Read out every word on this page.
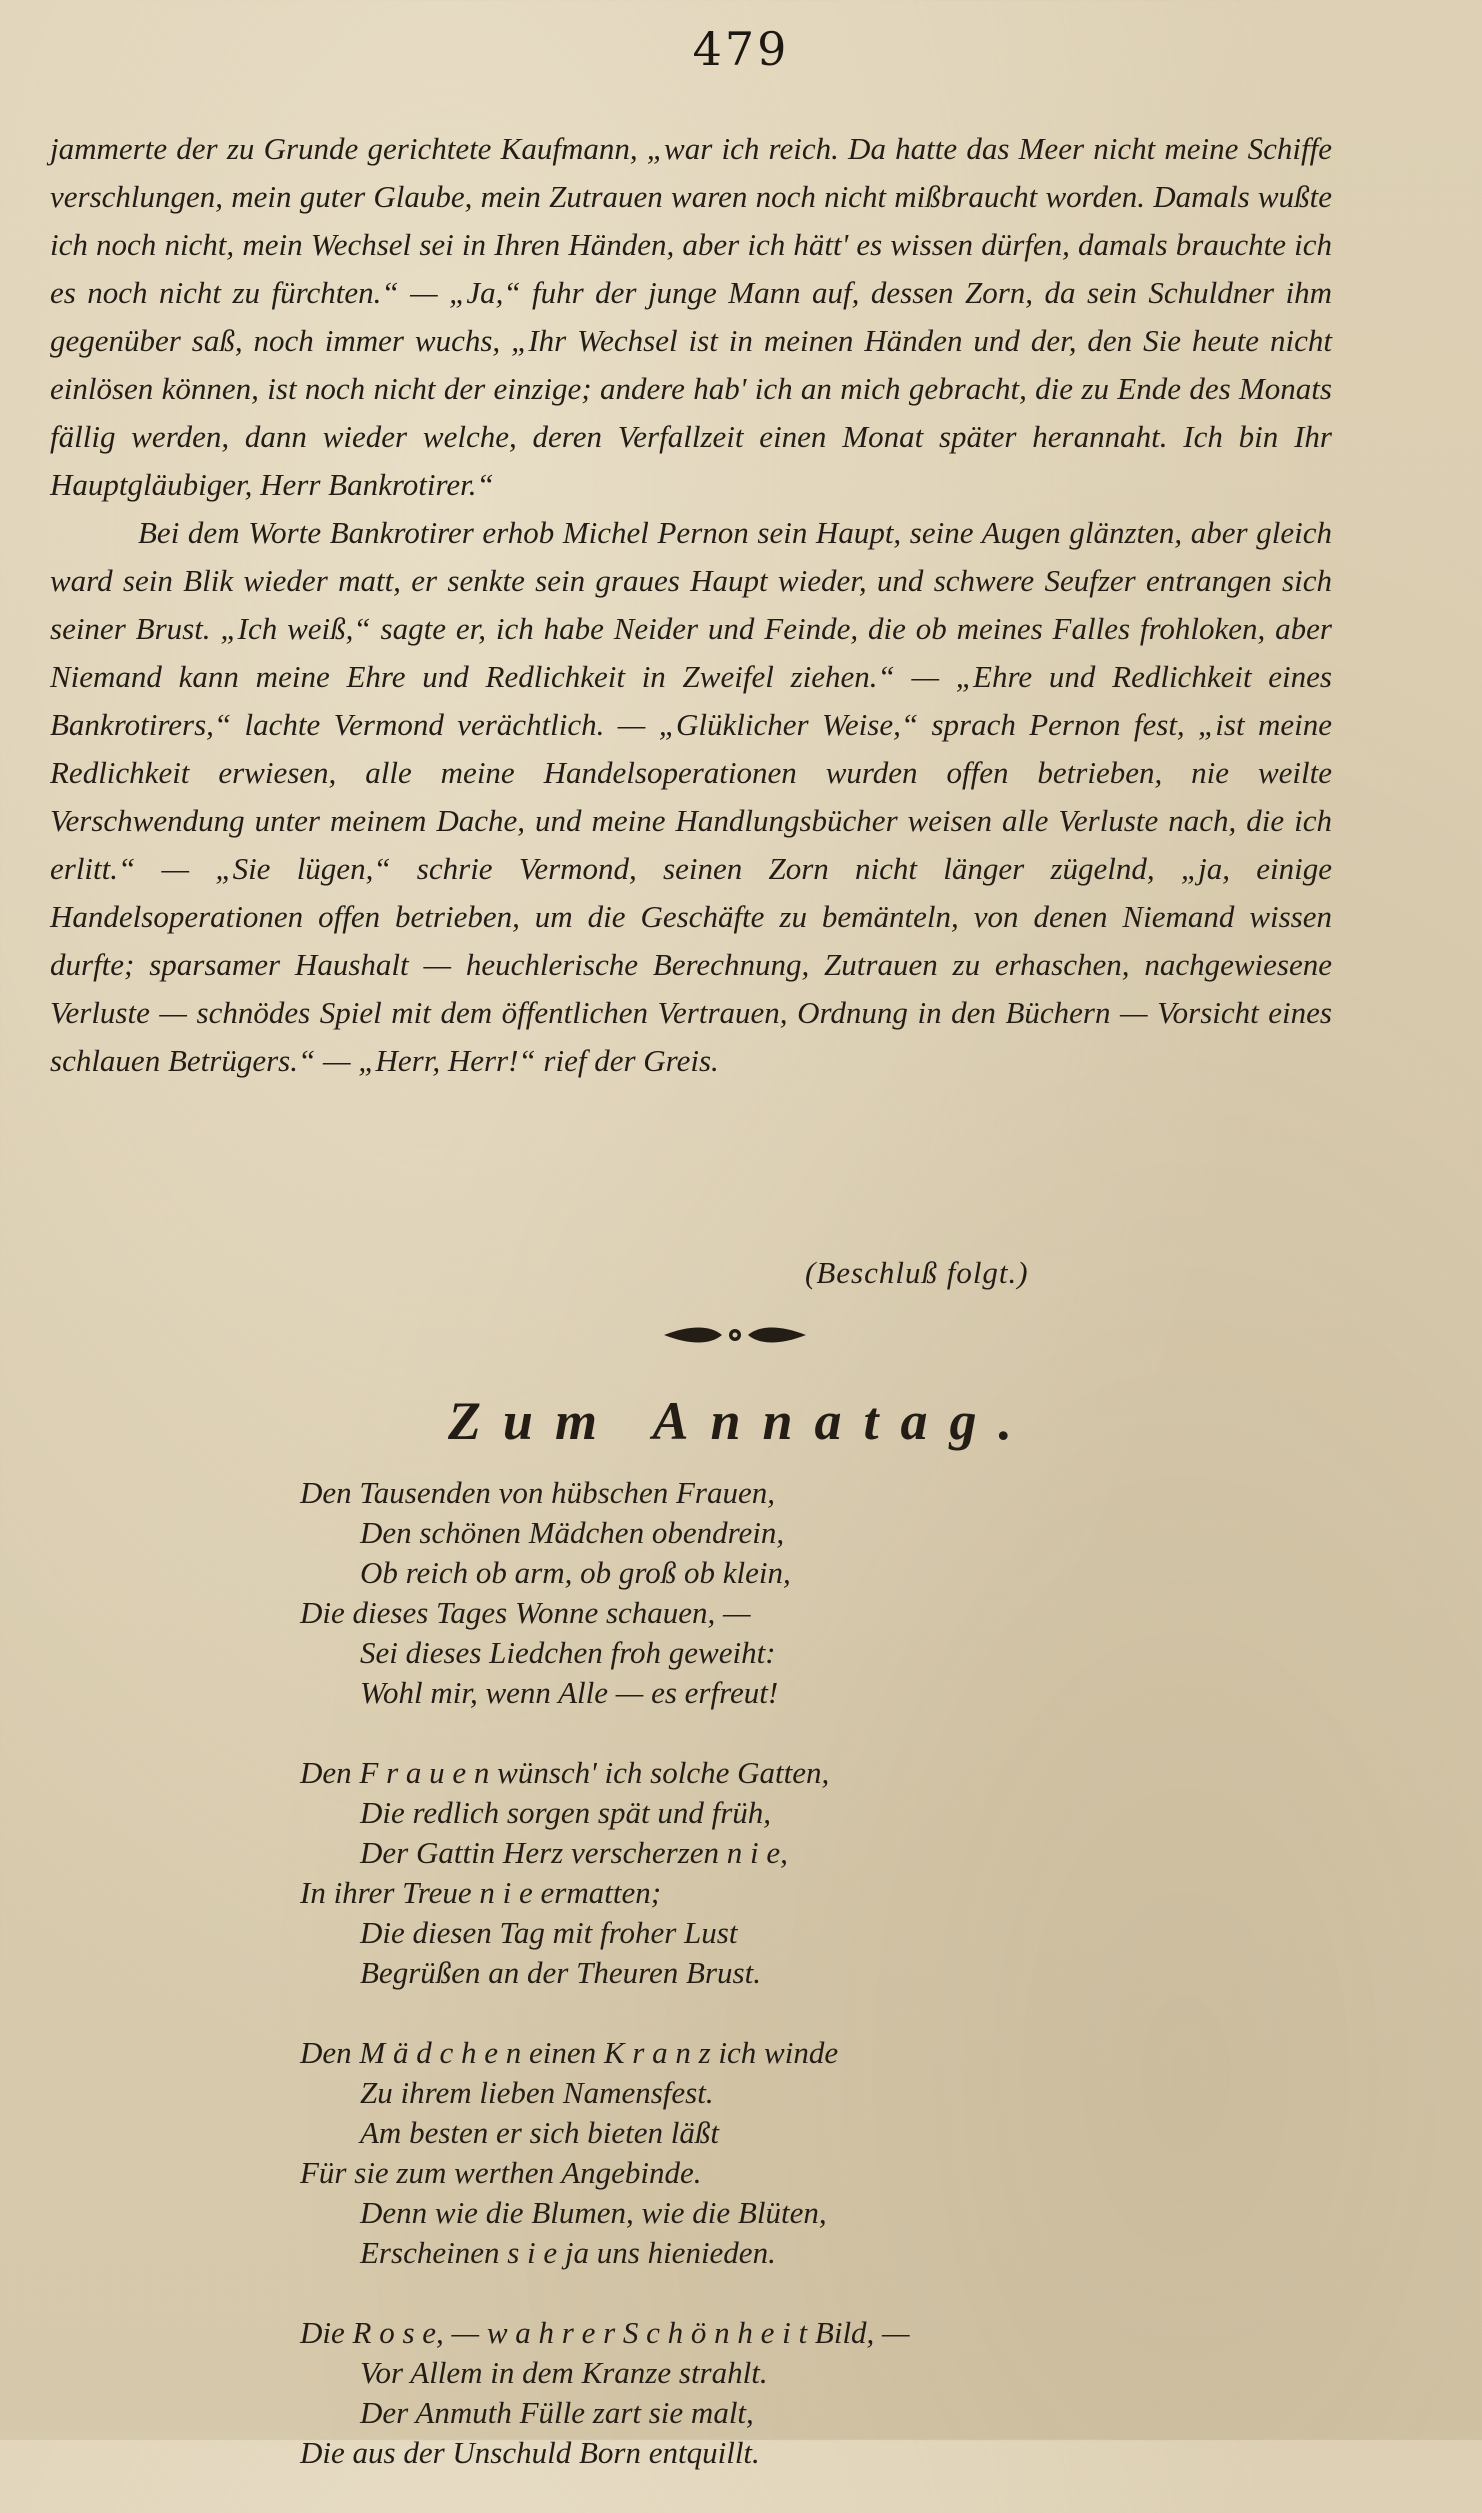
479

jammerte der zu Grunde gerichtete Kaufmann, „war ich reich. Da hatte das Meer nicht meine Schiffe verschlungen, mein guter Glaube, mein Zutrauen waren noch nicht mißbraucht worden. Damals wußte ich noch nicht, mein Wechsel sei in Ihren Händen, aber ich hätt' es wissen dürfen, damals brauchte ich es noch nicht zu fürchten.“ — „Ja,“ fuhr der junge Mann auf, dessen Zorn, da sein Schuldner ihm gegenüber saß, noch immer wuchs, „Ihr Wechsel ist in meinen Händen und der, den Sie heute nicht einlösen können, ist noch nicht der einzige; andere hab' ich an mich gebracht, die zu Ende des Monats fällig werden, dann wieder welche, deren Verfallzeit einen Monat später herannaht. Ich bin Ihr Hauptgläubiger, Herr Bankrotirer.“

Bei dem Worte Bankrotirer erhob Michel Pernon sein Haupt, seine Augen glänzten, aber gleich ward sein Blik wieder matt, er senkte sein graues Haupt wieder, und schwere Seufzer entrangen sich seiner Brust. „Ich weiß,“ sagte er, ich habe Neider und Feinde, die ob meines Falles frohloken, aber Niemand kann meine Ehre und Redlichkeit in Zweifel ziehen.“ — „Ehre und Redlichkeit eines Bankrotirers,“ lachte Vermond verächtlich. — „Glüklicher Weise,“ sprach Pernon fest, „ist meine Redlichkeit erwiesen, alle meine Handelsoperationen wurden offen betrieben, nie weilte Verschwendung unter meinem Dache, und meine Handlungsbücher weisen alle Verluste nach, die ich erlitt.“ — „Sie lügen,“ schrie Vermond, seinen Zorn nicht länger zügelnd, „ja, einige Handelsoperationen offen betrieben, um die Geschäfte zu bemänteln, von denen Niemand wissen durfte; sparsamer Haushalt — heuchlerische Berechnung, Zutrauen zu erhaschen, nachgewiesene Verluste — schnödes Spiel mit dem öffentlichen Vertrauen, Ordnung in den Büchern — Vorsicht eines schlauen Betrügers.“ — „Herr, Herr!“ rief der Greis.

(Beschluß folgt.)
Zum Annatag.
Den Tausenden von hübschen Frauen,
Den schönen Mädchen obendrein,
Ob reich ob arm, ob groß ob klein,
Die dieses Tages Wonne schauen, —
Sei dieses Liedchen froh geweiht:
Wohl mir, wenn Alle — es erfreut!
Den F r a u e n wünsch' ich solche Gatten,
Die redlich sorgen spät und früh,
Der Gattin Herz verscherzen n i e,
In ihrer Treue n i e ermatten;
Die diesen Tag mit froher Lust
Begrüßen an der Theuren Brust.
Den M ä d c h e n einen K r a n z ich winde
Zu ihrem lieben Namensfest.
Am besten er sich bieten läßt
Für sie zum werthen Angebinde.
Denn wie die Blumen, wie die Blüten,
Erscheinen s i e ja uns hienieden.
Die R o s e, — w a h r e r S c h ö n h e i t Bild, —
Vor Allem in dem Kranze strahlt.
Der Anmuth Fülle zart sie malt,
Die aus der Unschuld Born entquillt.
